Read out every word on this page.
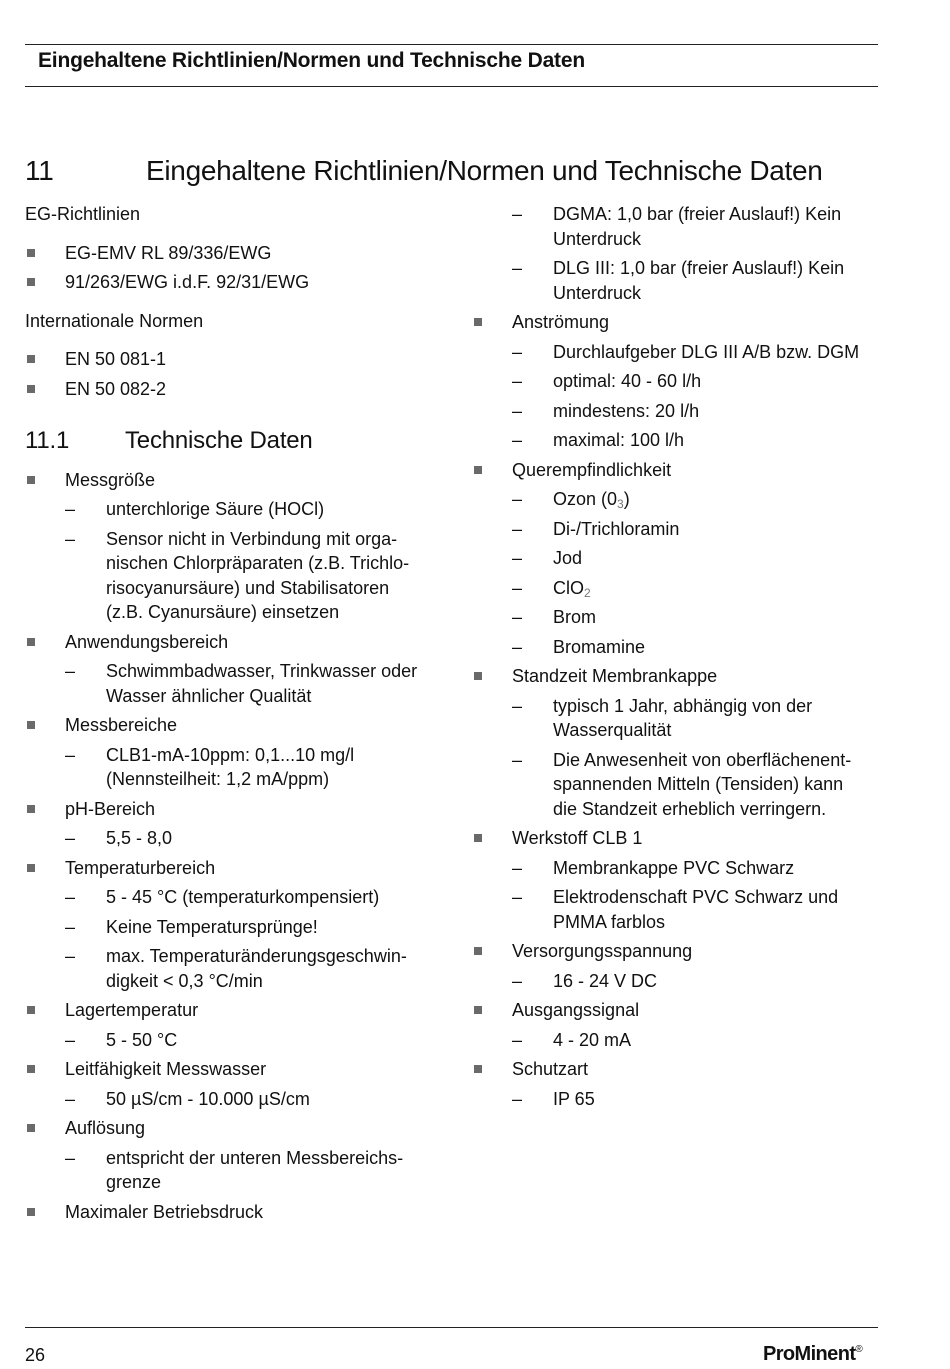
Eingehaltene Richtlinien/Normen und Technische Daten
11	Eingehaltene Richtlinien/Normen und Technische Daten

EG-Richtlinien

EG-EMV RL 89/336/EWG
91/263/EWG i.d.F. 92/31/EWG

Internationale Normen

EN 50 081-1
EN 50 082-2
11.1 Technische Daten
Messgröße
– unterchlorige Säure (HOCl)
– Sensor nicht in Verbindung mit orga-
nischen Chlorpräparaten (z.B. Trichlo-
risocyanursäure) und Stabilisatoren
(z.B. Cyanursäure) einsetzen
Anwendungsbereich
– Schwimmbadwasser, Trinkwasser oder Wasser ähnlicher Qualität
Messbereiche
– CLB1-mA-10ppm: 0,1...10 mg/l (Nennsteilheit: 1,2 mA/ppm)
pH-Bereich
– 5,5 - 8,0
Temperaturbereich
– 5 - 45 °C (temperaturkompensiert)
– Keine Temperatursprünge!
– max. Temperaturänderungsgeschwin-
digkeit < 0,3 °C/min
Lagertemperatur
– 5 - 50 °C
Leitfähigkeit Messwasser
– 50 µS/cm - 10.000 µS/cm
Auflösung
– entspricht der unteren Messbereichs-
grenze
Maximaler Betriebsdruck
– DGMA: 1,0 bar (freier Auslauf!) Kein Unterdruck
– DLG III: 1,0 bar (freier Auslauf!) Kein Unterdruck
Anströmung
– Durchlaufgeber DLG III A/B bzw. DGM
– optimal: 40 - 60 l/h
– mindestens: 20 l/h
– maximal: 100 l/h
Querempfindlichkeit
– Ozon $(0_3)$
– Di-/Trichloramin
– Jod
– ClO$_2$
– Brom
– Bromamine
Standzeit Membrankappe
– typisch 1 Jahr, abhängig von der Wasserqualität
– Die Anwesenheit von oberflächenent-
spannenden Mitteln (Tensiden) kann
die Standzeit erheblich verringern.
Werkstoff CLB 1
– Membrankappe PVC Schwarz
– Elektrodenschaft PVC Schwarz und PMMA farblos
Versorgungsspannung
– 16 - 24 V DC
Ausgangssignal
– 4 - 20 mA
Schutzart
– IP 65
26	ProMinent®
